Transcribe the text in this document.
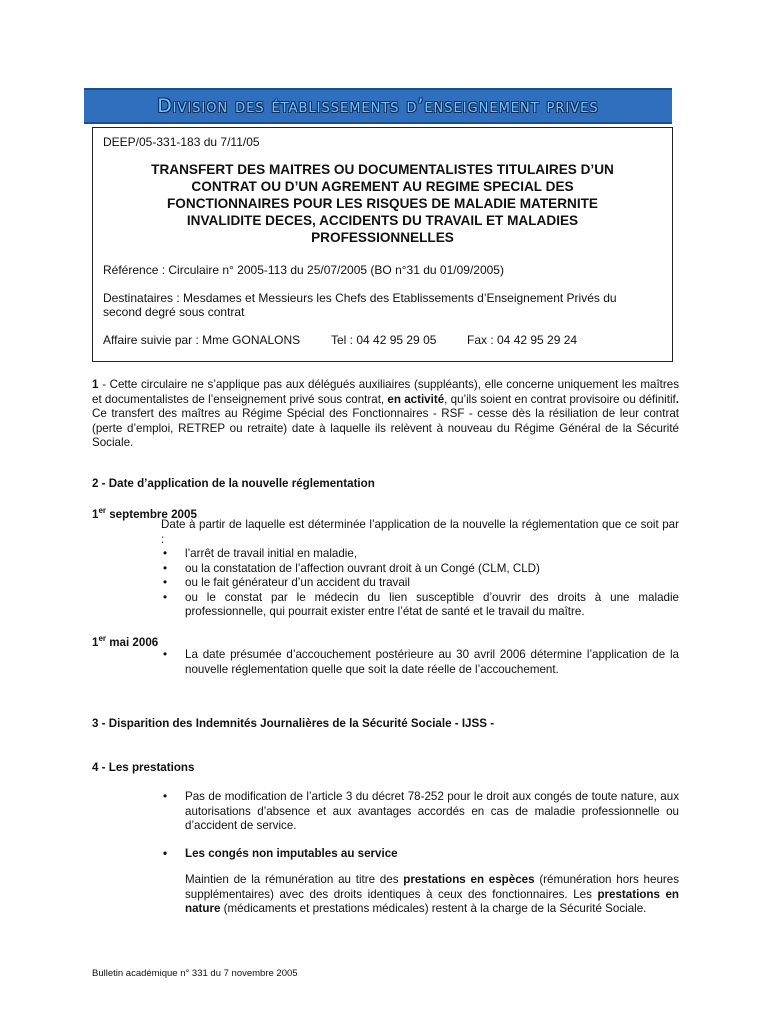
Division des établissements d’enseignement prives
DEEP/05-331-183 du 7/11/05
TRANSFERT DES MAITRES OU DOCUMENTALISTES TITULAIRES D’UN
CONTRAT OU D’UN AGREMENT AU REGIME SPECIAL DES
FONCTIONNAIRES POUR LES RISQUES DE MALADIE MATERNITE
INVALIDITE DECES, ACCIDENTS DU TRAVAIL ET MALADIES
PROFESSIONNELLES
Référence : Circulaire n° 2005-113 du 25/07/2005 (BO n°31 du 01/09/2005)
Destinataires : Mesdames et Messieurs les Chefs des Etablissements d’Enseignement Privés du
second degré sous contrat
Affaire suivie par : Mme GONALONS	Tel : 04 42 95 29 05	Fax : 04 42 95 29 24
1 - Cette circulaire ne s’applique pas aux délégués auxiliaires (suppléants), elle concerne uniquement les maîtres et documentalistes de l’enseignement privé sous contrat, en activité, qu’ils soient en contrat provisoire ou définitif. Ce transfert des maîtres au Régime Spécial des Fonctionnaires - RSF - cesse dès la résiliation de leur contrat (perte d’emploi, RETREP ou retraite) date à laquelle ils relèvent à nouveau du Régime Général de la Sécurité Sociale.
2 - Date d’application de la nouvelle réglementation
1er septembre 2005
Date à partir de laquelle est déterminée l’application de la nouvelle la réglementation que ce soit par :
• l’arrêt de travail initial en maladie,
• ou la constatation de l’affection ouvrant droit à un Congé (CLM, CLD)
• ou le fait générateur d’un accident du travail
• ou le constat par le médecin du lien susceptible d’ouvrir des droits à une maladie professionnelle, qui pourrait exister entre l’état de santé et le travail du maître.
1er mai 2006
• La date présumée d’accouchement postérieure au 30 avril 2006 détermine l’application de la nouvelle réglementation quelle que soit la date réelle de l’accouchement.
3 - Disparition des Indemnités Journalières de la Sécurité Sociale - IJSS -
4 - Les prestations
• Pas de modification de l’article 3 du décret 78-252 pour le droit aux congés de toute nature, aux autorisations d’absence et aux avantages accordés en cas de maladie professionnelle ou d’accident de service.
• Les congés non imputables au service
Maintien de la rémunération au titre des prestations en espèces (rémunération hors heures supplémentaires) avec des droits identiques à ceux des fonctionnaires. Les prestations en nature (médicaments et prestations médicales) restent à la charge de la Sécurité Sociale.
Bulletin académique n° 331 du 7 novembre 2005
